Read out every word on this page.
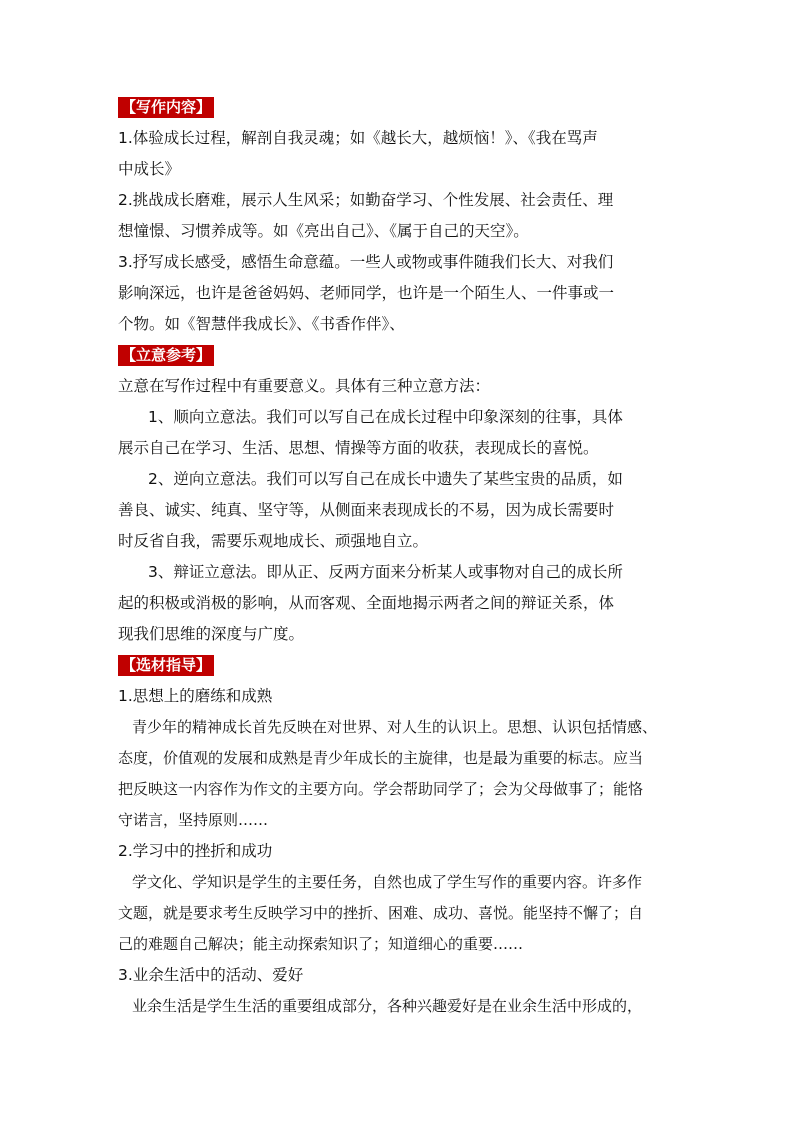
【写作内容】
1.体验成长过程，解剖自我灵魂；如《越长大，越烦恼！》、《我在骂声
中成长》
2.挑战成长磨难，展示人生风采；如勤奋学习、个性发展、社会责任、理
想憧憬、习惯养成等。如《亮出自己》、《属于自己的天空》。
3.抒写成长感受，感悟生命意蕴。一些人或物或事件随我们长大、对我们
影响深远，也许是爸爸妈妈、老师同学，也许是一个陌生人、一件事或一
个物。如《智慧伴我成长》、《书香作伴》、
【立意参考】
立意在写作过程中有重要意义。具体有三种立意方法：
1、顺向立意法。我们可以写自己在成长过程中印象深刻的往事，具体
展示自己在学习、生活、思想、情操等方面的收获，表现成长的喜悦。
2、逆向立意法。我们可以写自己在成长中遗失了某些宝贵的品质，如
善良、诚实、纯真、坚守等，从侧面来表现成长的不易，因为成长需要时
时反省自我，需要乐观地成长、顽强地自立。
3、辩证立意法。即从正、反两方面来分析某人或事物对自己的成长所
起的积极或消极的影响，从而客观、全面地揭示两者之间的辩证关系，体
现我们思维的深度与广度。
【选材指导】
1.思想上的磨练和成熟
青少年的精神成长首先反映在对世界、对人生的认识上。思想、认识包括情感、
态度，价值观的发展和成熟是青少年成长的主旋律，也是最为重要的标志。应当
把反映这一内容作为作文的主要方向。学会帮助同学了；会为父母做事了；能恪
守诺言，坚持原则……
2.学习中的挫折和成功
学文化、学知识是学生的主要任务，自然也成了学生写作的重要内容。许多作
文题，就是要求考生反映学习中的挫折、困难、成功、喜悦。能坚持不懈了；自
己的难题自己解决；能主动探索知识了；知道细心的重要……
3.业余生活中的活动、爱好
业余生活是学生生活的重要组成部分，各种兴趣爱好是在业余生活中形成的，
